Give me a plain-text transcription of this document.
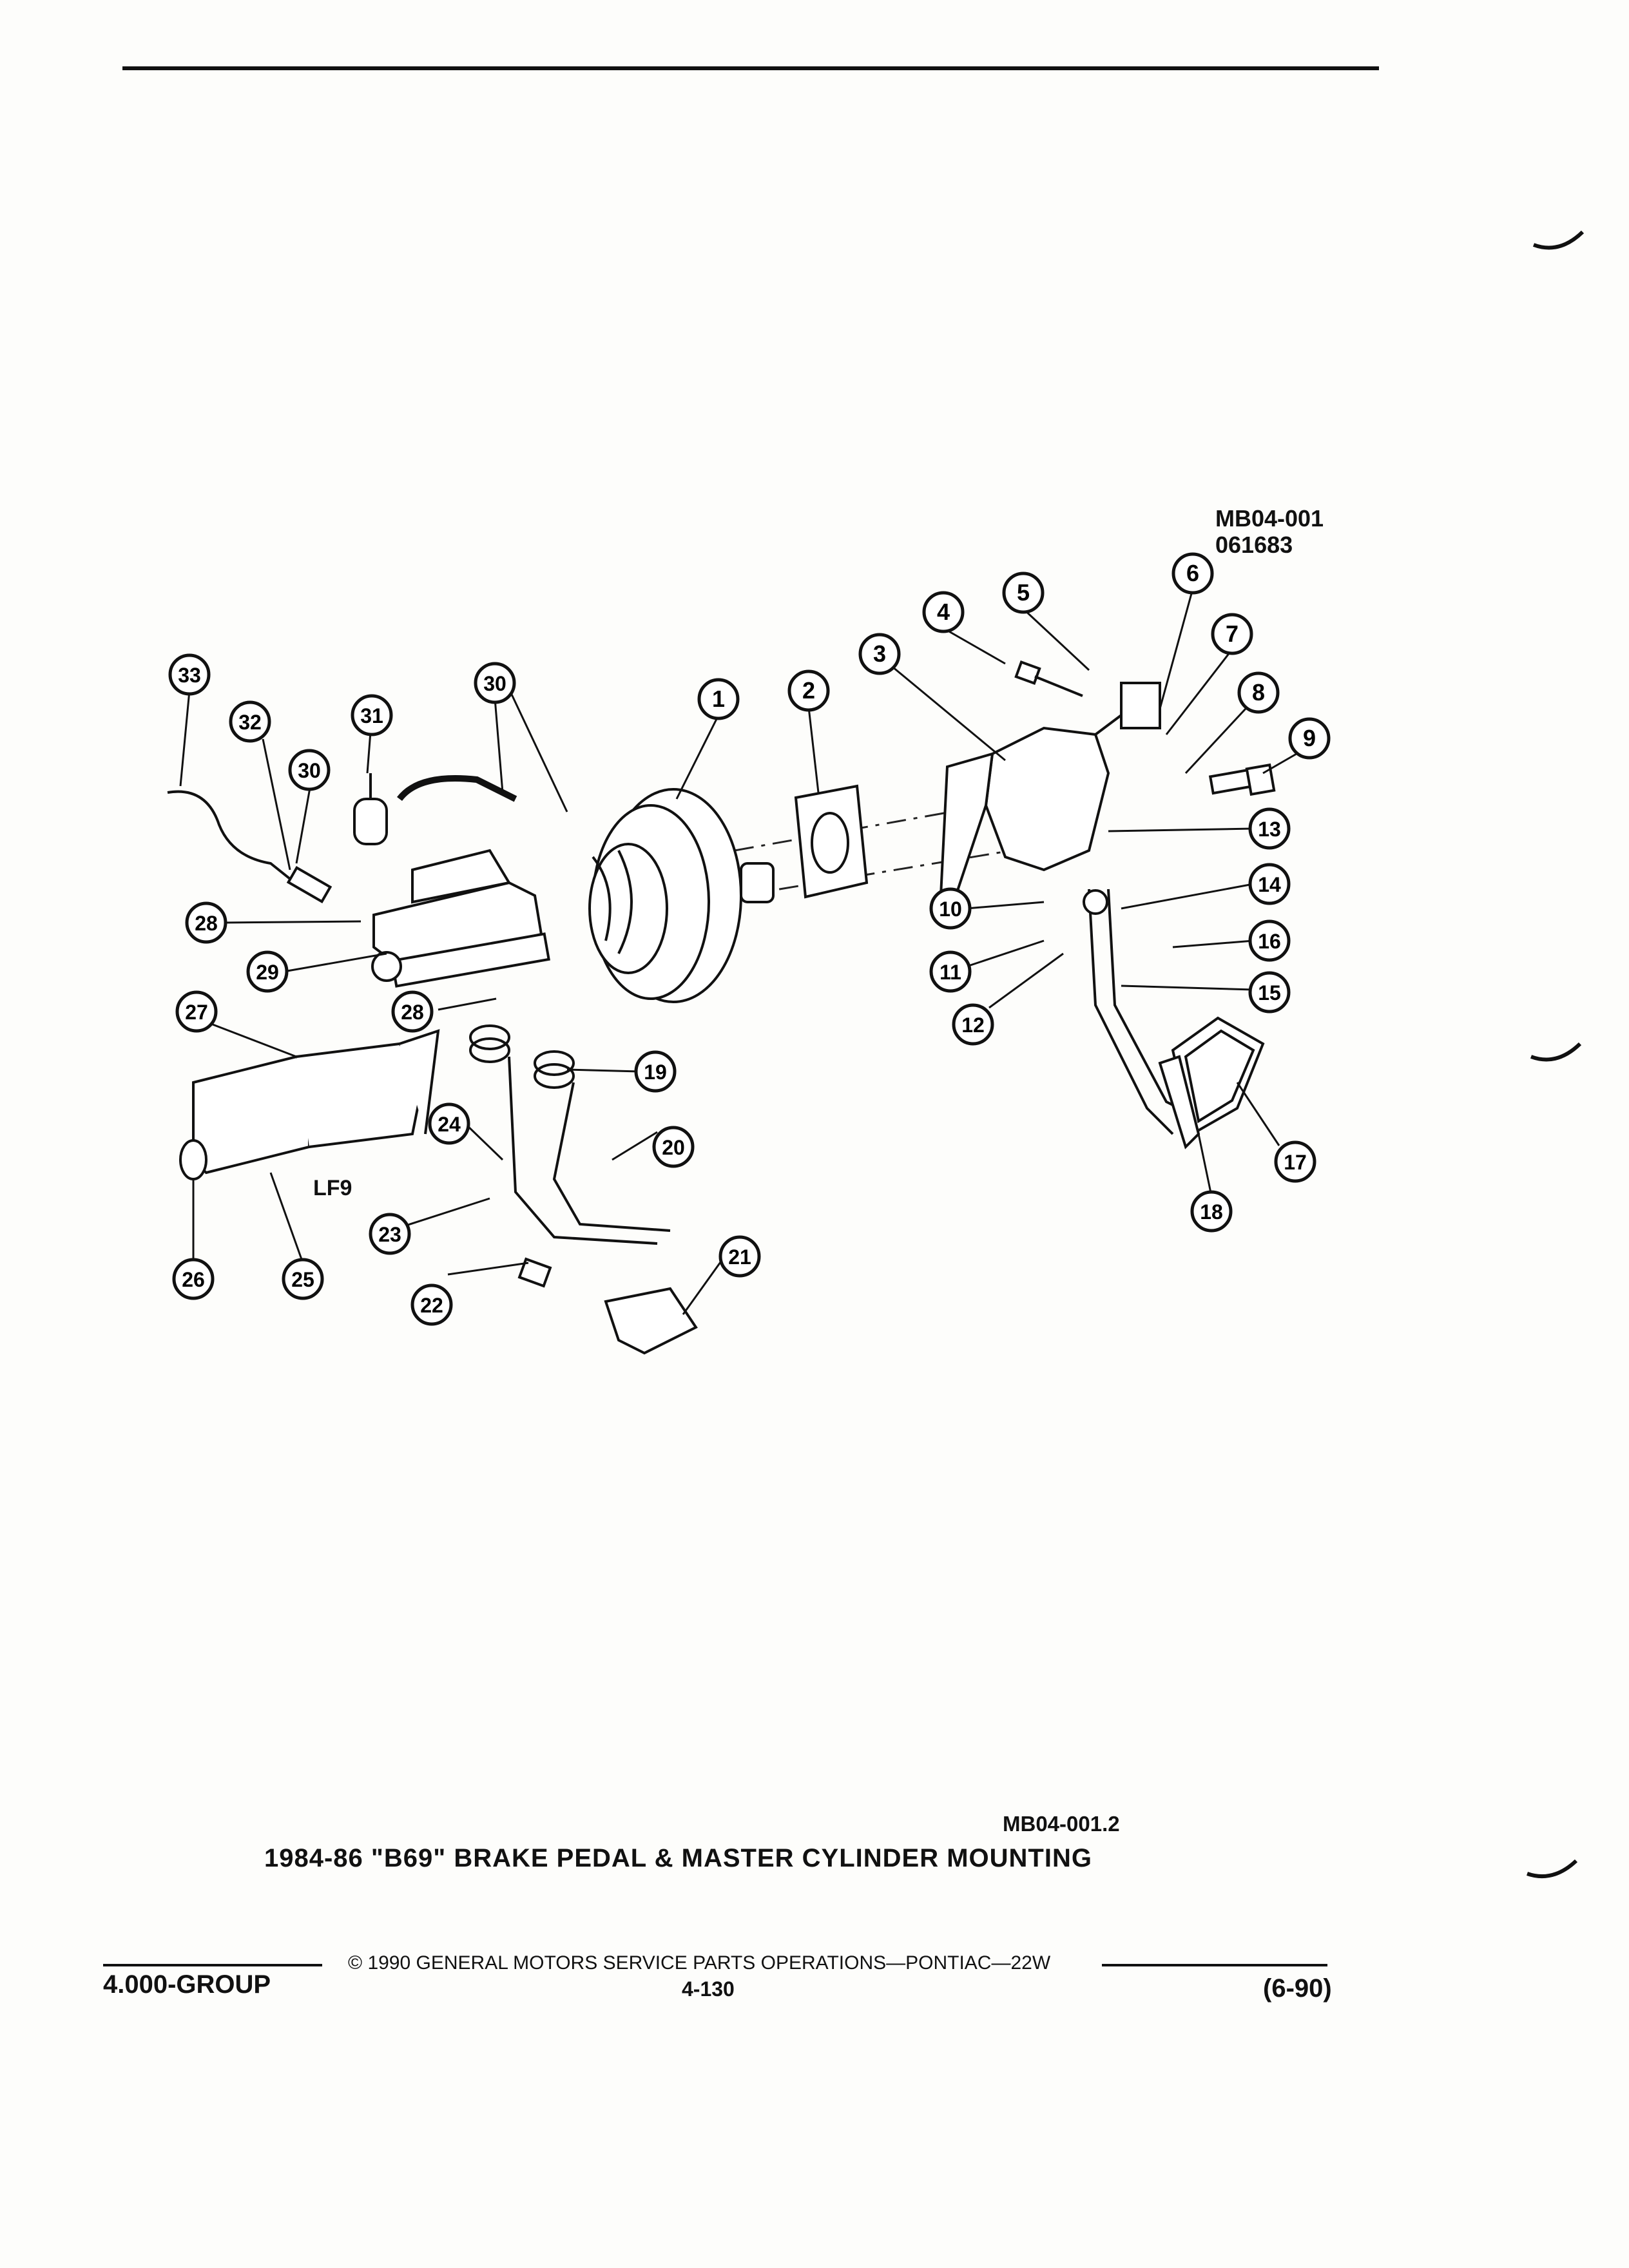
1	2
3
4
5
6
7
8
9
10
11
12
13
14
15
16
17
18
19
20
21
22
23
24
25
26
27
28
28
29
30
30
31
32
33
MB04-001
061683
LF9
MB04-001.2
1984-86 "B69" BRAKE PEDAL & MASTER CYLINDER MOUNTING
4.000-GROUP
© 1990 GENERAL MOTORS SERVICE PARTS OPERATIONS—PONTIAC—22W
4-130	(6-90)
